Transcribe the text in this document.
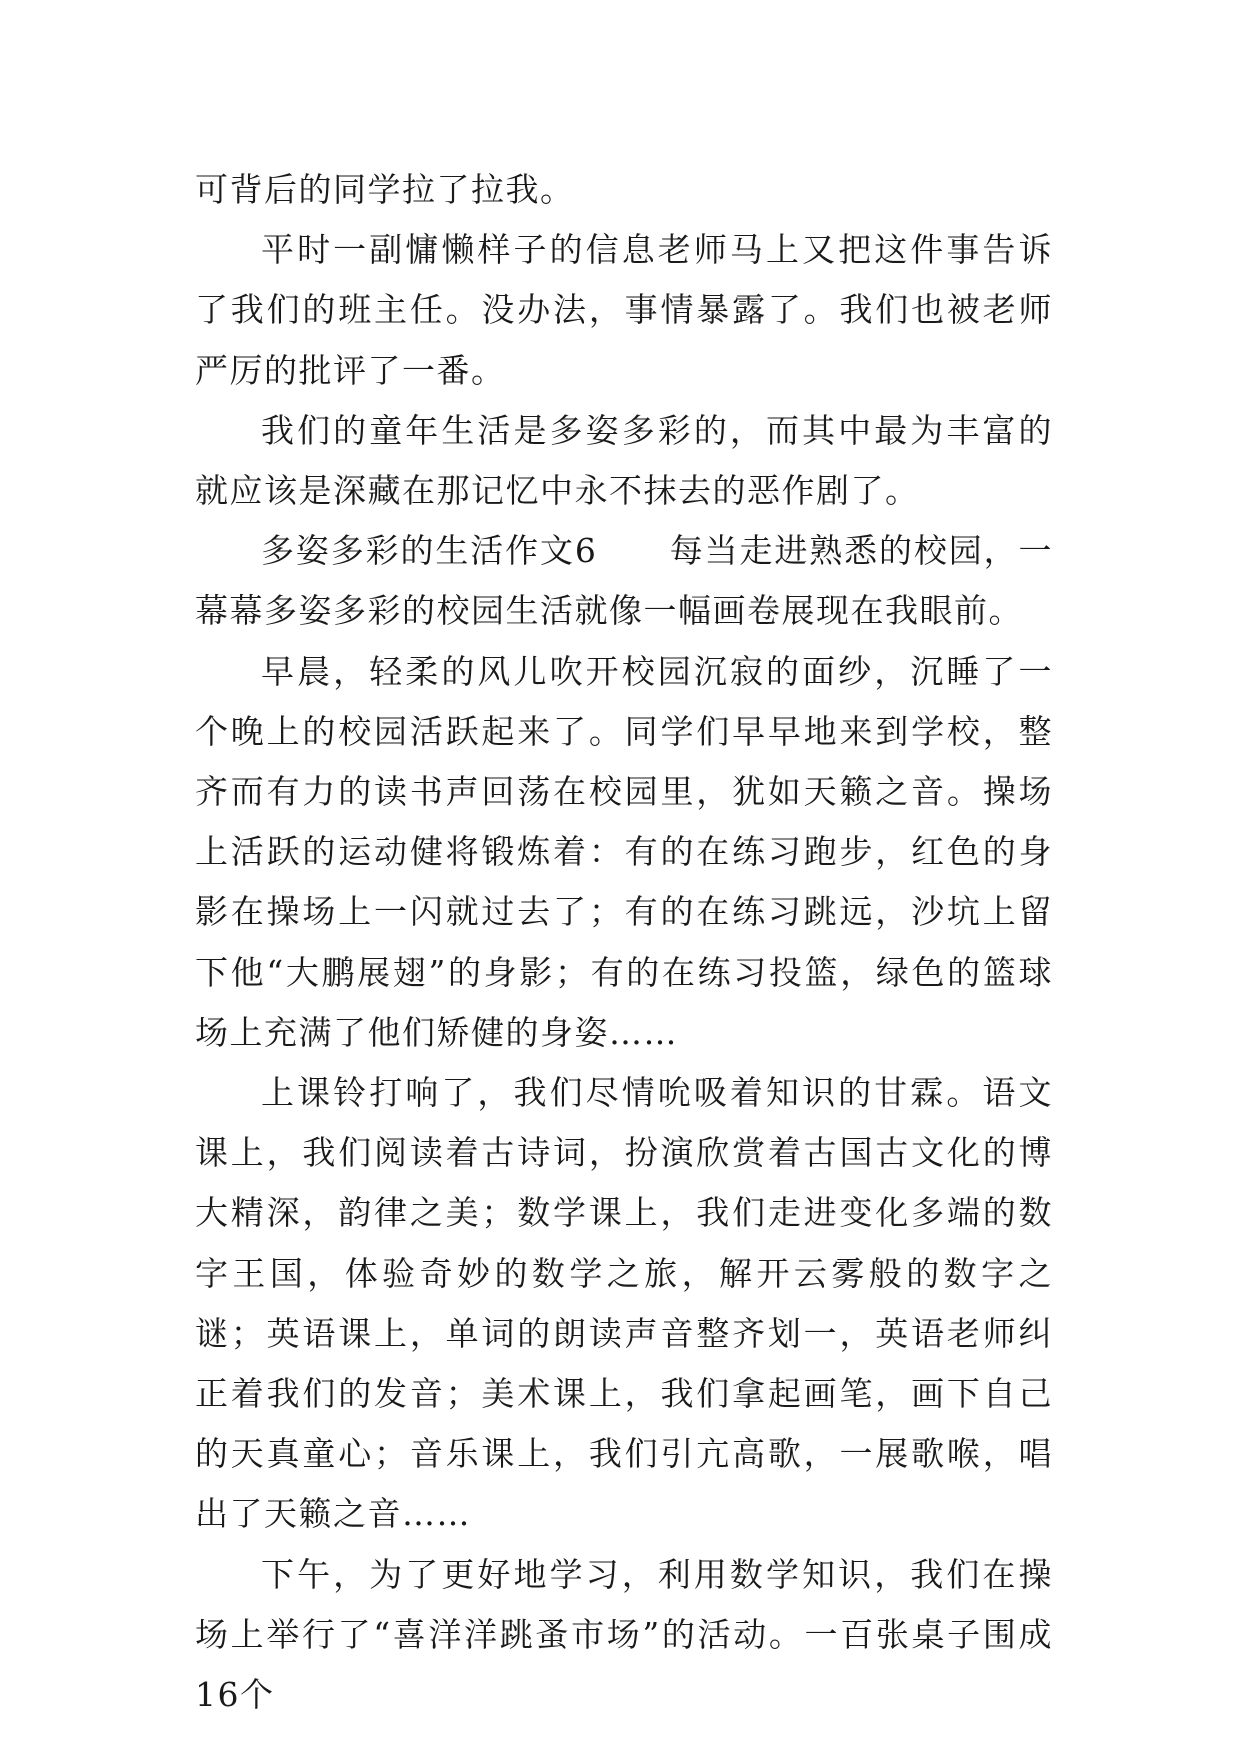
可背后的同学拉了拉我。

平时一副慵懒样子的信息老师马上又把这件事告诉了我们的班主任。没办法，事情暴露了。我们也被老师严厉的批评了一番。

我们的童年生活是多姿多彩的，而其中最为丰富的就应该是深藏在那记忆中永不抹去的恶作剧了。

多姿多彩的生活作文6 每当走进熟悉的校园，一幕幕多姿多彩的校园生活就像一幅画卷展现在我眼前。

早晨，轻柔的风儿吹开校园沉寂的面纱，沉睡了一个晚上的校园活跃起来了。同学们早早地来到学校，整齐而有力的读书声回荡在校园里，犹如天籁之音。操场上活跃的运动健将锻炼着：有的在练习跑步，红色的身影在操场上一闪就过去了；有的在练习跳远，沙坑上留下他“大鹏展翅”的身影；有的在练习投篮，绿色的篮球场上充满了他们矫健的身姿……

上课铃打响了，我们尽情吮吸着知识的甘霖。语文课上，我们阅读着古诗词，扮演欣赏着古国古文化的博大精深，韵律之美；数学课上，我们走进变化多端的数字王国，体验奇妙的数学之旅，解开云雾般的数字之谜；英语课上，单词的朗读声音整齐划一，英语老师纠正着我们的发音；美术课上，我们拿起画笔，画下自己的天真童心；音乐课上，我们引亢高歌，一展歌喉，唱出了天籁之音……

下午，为了更好地学习，利用数学知识，我们在操场上举行了“喜洋洋跳蚤市场”的活动。一百张桌子围成16个
